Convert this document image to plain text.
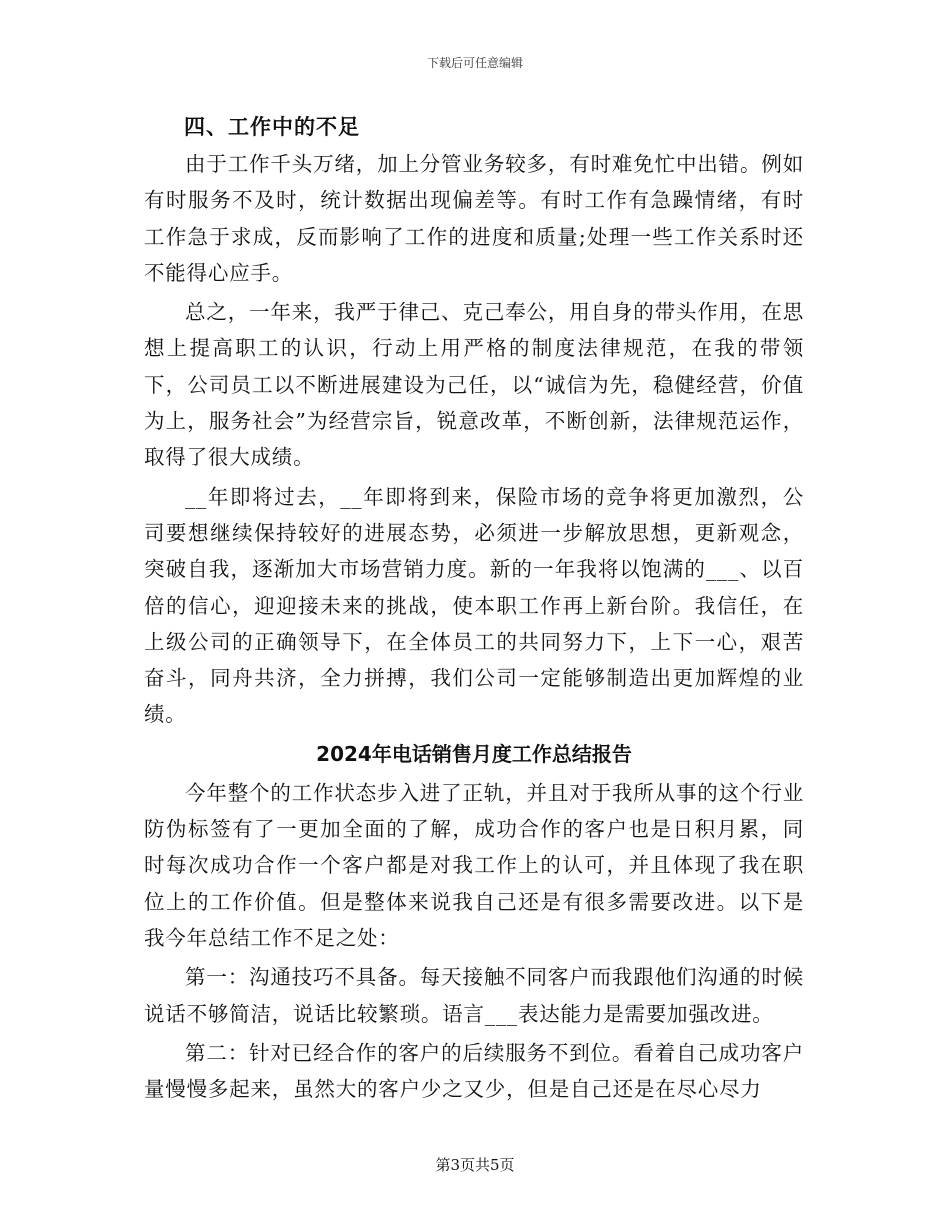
下载后可任意编辑
四、工作中的不足

由于工作千头万绪，加上分管业务较多，有时难免忙中出错。例如有时服务不及时，统计数据出现偏差等。有时工作有急躁情绪，有时工作急于求成，反而影响了工作的进度和质量;处理一些工作关系时还不能得心应手。

总之，一年来，我严于律己、克己奉公，用自身的带头作用，在思想上提高职工的认识，行动上用严格的制度法律规范，在我的带领下，公司员工以不断进展建设为己任，以“诚信为先，稳健经营，价值为上，服务社会”为经营宗旨，锐意改革，不断创新，法律规范运作，取得了很大成绩。

__年即将过去，__年即将到来，保险市场的竞争将更加激烈，公司要想继续保持较好的进展态势，必须进一步解放思想，更新观念，突破自我，逐渐加大市场营销力度。新的一年我将以饱满的___、以百倍的信心，迎迎接未来的挑战，使本职工作再上新台阶。我信任，在上级公司的正确领导下，在全体员工的共同努力下，上下一心，艰苦奋斗，同舟共济，全力拼搏，我们公司一定能够制造出更加辉煌的业绩。

2024年电话销售月度工作总结报告

今年整个的工作状态步入进了正轨，并且对于我所从事的这个行业防伪标签有了一更加全面的了解，成功合作的客户也是日积月累，同时每次成功合作一个客户都是对我工作上的认可，并且体现了我在职位上的工作价值。但是整体来说我自己还是有很多需要改进。以下是我今年总结工作不足之处：

第一：沟通技巧不具备。每天接触不同客户而我跟他们沟通的时候说话不够简洁，说话比较繁琐。语言___表达能力是需要加强改进。

第二：针对已经合作的客户的后续服务不到位。看着自己成功客户量慢慢多起来，虽然大的客户少之又少，但是自己还是在尽心尽力

第3页共5页
